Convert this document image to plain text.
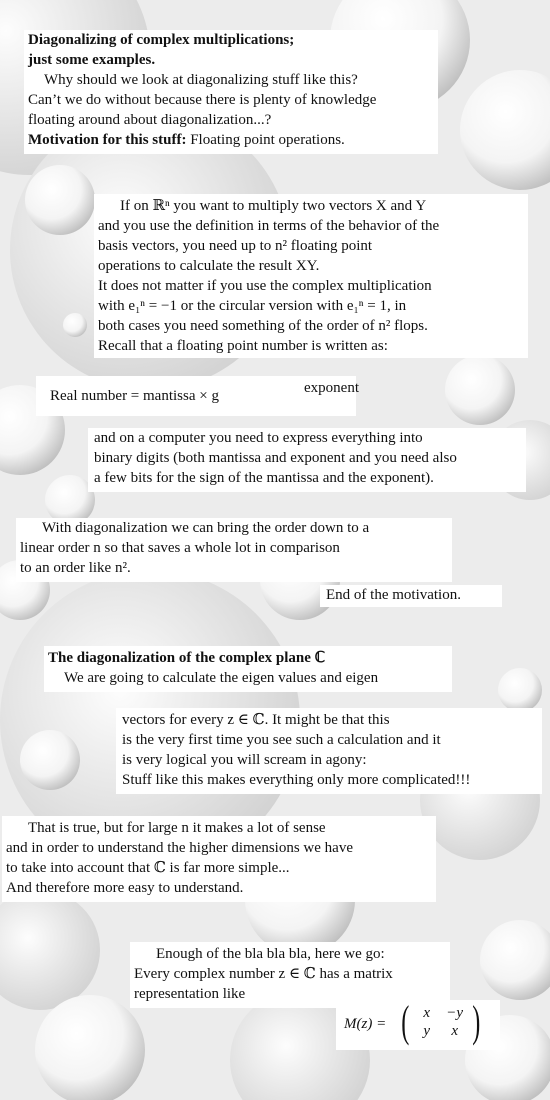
Diagonalizing of complex multiplications;
just some examples.
Why should we look at diagonalizing stuff like this?
Can’t we do without because there is plenty of knowledge
floating around about diagonalization...?
Motivation for this stuff: Floating point operations.
If on ℝⁿ you want to multiply two vectors X and Y
and you use the definition in terms of the behavior of the
basis vectors, you need up to n² floating point
operations to calculate the result XY.
It does not matter if you use the complex multiplication
with e₁ⁿ = −1 or the circular version with e₁ⁿ = 1, in
both cases you need something of the order of n² flops.
Recall that a floating point number is written as:
Real number = mantissa × g	exponent
and on a computer you need to express everything into
binary digits (both mantissa and exponent and you need also
a few bits for the sign of the mantissa and the exponent).
With diagonalization we can bring the order down to a
linear order n so that saves a whole lot in comparison
to an order like n².
End of the motivation.
The diagonalization of the complex plane ℂ
We are going to calculate the eigen values and eigen
vectors for every z ∈ ℂ. It might be that this
is the very first time you see such a calculation and it
is very logical you will scream in agony:
Stuff like this makes everything only more complicated!!!
That is true, but for large n it makes a lot of sense
and in order to understand the higher dimensions we have
to take into account that ℂ is far more simple...
And therefore more easy to understand.
Enough of the bla bla bla, here we go:
Every complex number z ∈ ℂ has a matrix
representation like
M(z) = ( x	−y
y	x )
